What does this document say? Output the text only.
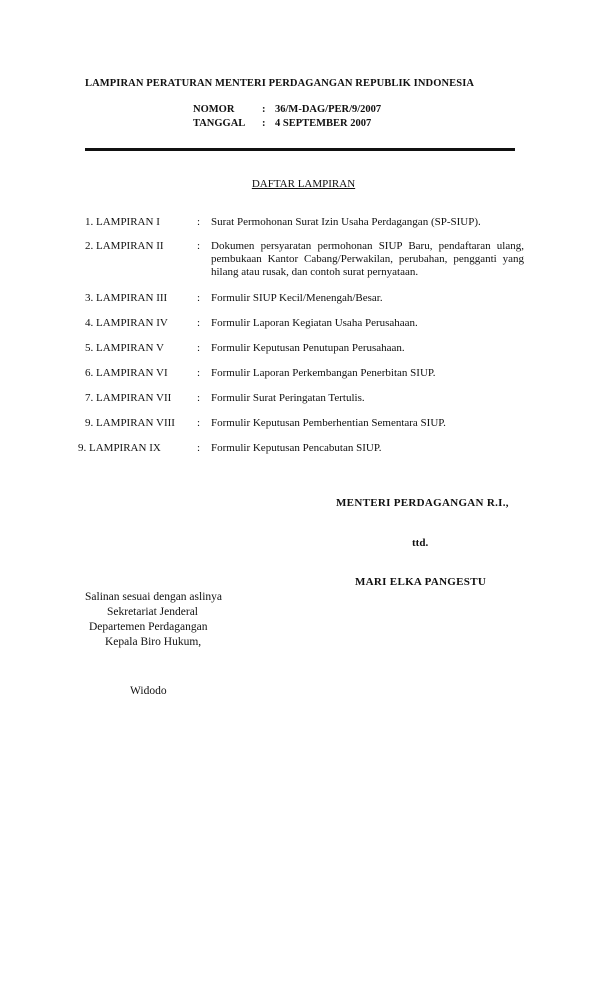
LAMPIRAN PERATURAN MENTERI PERDAGANGAN REPUBLIK INDONESIA
NOMOR	: 36/M-DAG/PER/9/2007
TANGGAL : 4 SEPTEMBER 2007
DAFTAR LAMPIRAN
1. LAMPIRAN I	: Surat Permohonan Surat Izin Usaha Perdagangan (SP-SIUP).
2. LAMPIRAN II	: Dokumen persyaratan permohonan SIUP Baru, pendaftaran ulang, pembukaan Kantor Cabang/Perwakilan, perubahan, pengganti yang hilang atau rusak, dan contoh surat pernyataan.
3. LAMPIRAN III	: Formulir SIUP Kecil/Menengah/Besar.
4. LAMPIRAN IV	: Formulir Laporan Kegiatan Usaha Perusahaan.
5. LAMPIRAN V	: Formulir Keputusan Penutupan Perusahaan.
6. LAMPIRAN VI	: Formulir Laporan Perkembangan Penerbitan SIUP.
7. LAMPIRAN VII : Formulir Surat Peringatan Tertulis.
9. LAMPIRAN VIII : Formulir Keputusan Pemberhentian Sementara SIUP.
9. LAMPIRAN IX	: Formulir Keputusan Pencabutan SIUP.
MENTERI PERDAGANGAN R.I.,
ttd.
MARI ELKA PANGESTU
Salinan sesuai dengan aslinya
Sekretariat Jenderal
Departemen Perdagangan
Kepala Biro Hukum,
Widodo
